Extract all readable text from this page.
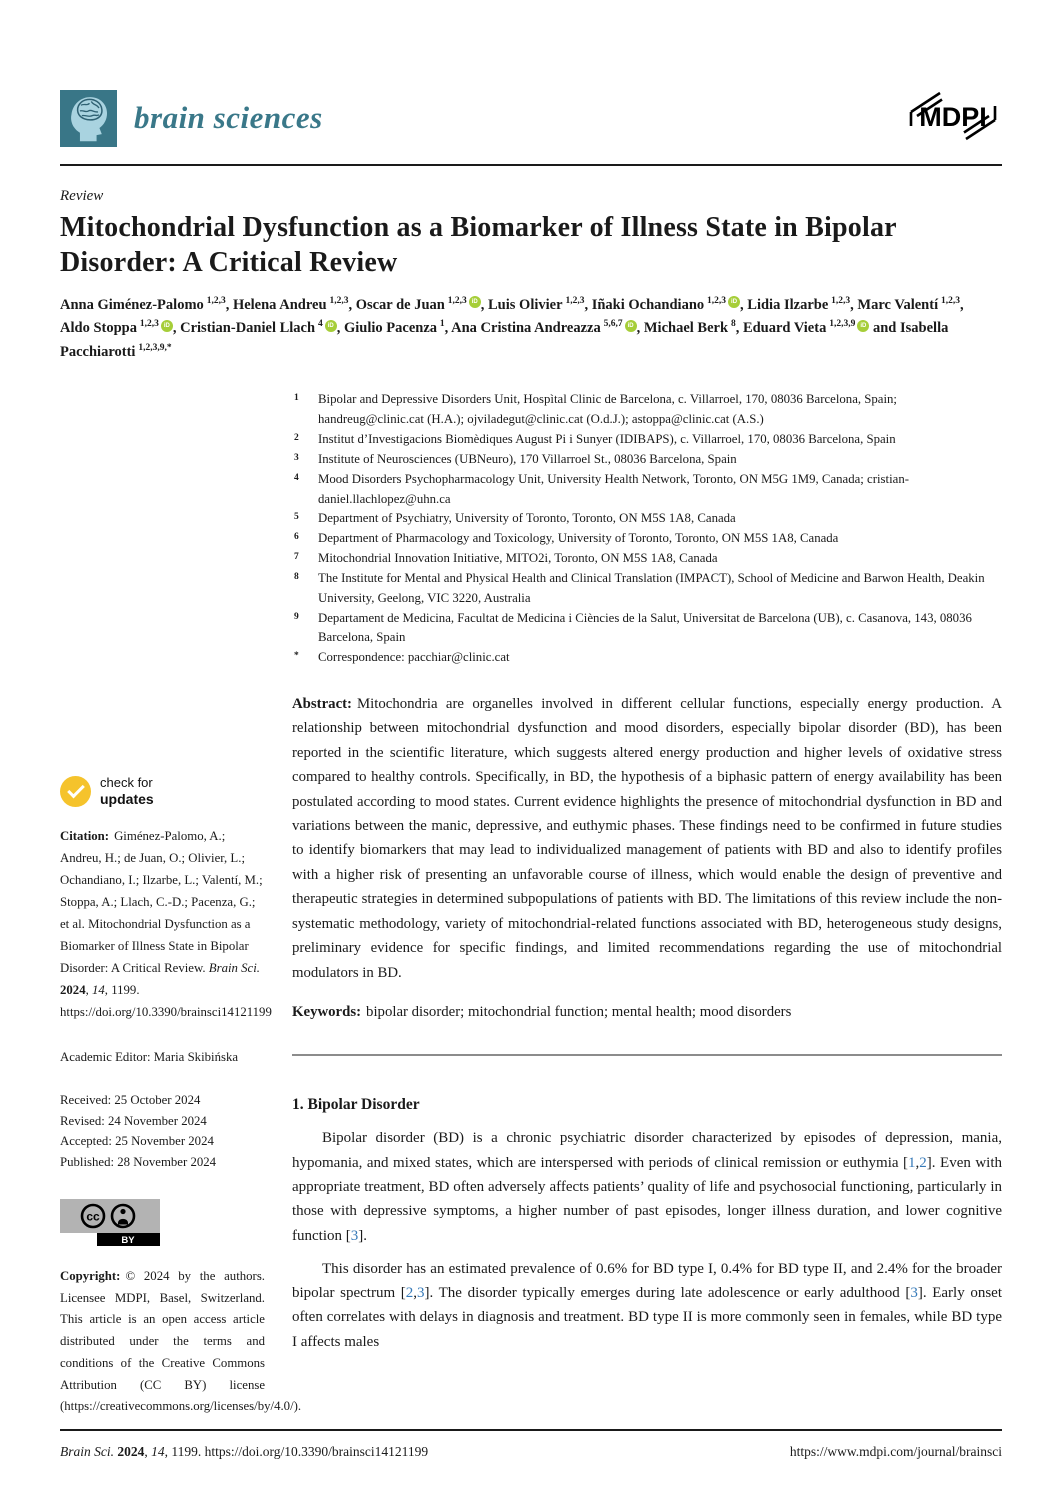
brain sciences	MDPI
Review
Mitochondrial Dysfunction as a Biomarker of Illness State in Bipolar Disorder: A Critical Review
Anna Giménez-Palomo  $^{1,2,3}$, Helena Andreu  $^{1,2,3}$, Oscar de Juan  $^{1,2,3}$ iD , Luis Olivier  $^{1,2,3}$, Iñaki Ochandiano  $^{1,2,3}$ iD , Lidia Ilzarbe  $^{1,2,3}$, Marc Valentí  $^{1,2,3}$, Aldo Stoppa  $^{1,2,3}$ iD , Cristian-Daniel Llach  $^4$ iD , Giulio Pacenza  $^1$, Ana Cristina Andreazza  $^{5,6,7}$ iD , Michael Berk  $^8$, Eduard Vieta  $^{1,2,3,9}$ iD and Isabella Pacchiarotti  $^{1,2,3,9,*}$
check for
updates
Citation: Giménez-Palomo, A.; Andreu, H.; de Juan, O.; Olivier, L.; Ochandiano, I.; Ilzarbe, L.; Valentí, M.; Stoppa, A.; Llach, C.-D.; Pacenza, G.; et al. Mitochondrial Dysfunction as a Biomarker of Illness State in Bipolar Disorder: A Critical Review. Brain Sci. 2024, 14, 1199. https://doi.org/10.3390/brainsci14121199
Academic Editor: Maria Skibińska
Received: 25 October 2024
Revised: 24 November 2024
Accepted: 25 November 2024
Published: 28 November 2024
cc
BY
Copyright: © 2024 by the authors. Licensee MDPI, Basel, Switzerland. This article is an open access article distributed under the terms and conditions of the Creative Commons Attribution (CC BY) license (https://creativecommons.org/licenses/by/4.0/).
1	Bipolar and Depressive Disorders Unit, Hospìtal Clinic de Barcelona, c. Villarroel, 170, 08036 Barcelona, Spain; handreug@clinic.cat (H.A.); ojviladegut@clinic.cat (O.d.J.); astoppa@clinic.cat (A.S.)
2	Institut d’Investigacions Biomèdiques August Pi i Sunyer (IDIBAPS), c. Villarroel, 170, 08036 Barcelona, Spain
3	Institute of Neurosciences (UBNeuro), 170 Villarroel St., 08036 Barcelona, Spain
4	Mood Disorders Psychopharmacology Unit, University Health Network, Toronto, ON M5G 1M9, Canada; cristian-daniel.llachlopez@uhn.ca
5	Department of Psychiatry, University of Toronto, Toronto, ON M5S 1A8, Canada
6	Department of Pharmacology and Toxicology, University of Toronto, Toronto, ON M5S 1A8, Canada
7	Mitochondrial Innovation Initiative, MITO2i, Toronto, ON M5S 1A8, Canada
8	The Institute for Mental and Physical Health and Clinical Translation (IMPACT), School of Medicine and Barwon Health, Deakin University, Geelong, VIC 3220, Australia
9	Departament de Medicina, Facultat de Medicina i Ciències de la Salut, Universitat de Barcelona (UB), c. Casanova, 143, 08036 Barcelona, Spain
*	Correspondence: pacchiar@clinic.cat

Abstract: Mitochondria are organelles involved in different cellular functions, especially energy production. A relationship between mitochondrial dysfunction and mood disorders, especially bipolar disorder (BD), has been reported in the scientific literature, which suggests altered energy production and higher levels of oxidative stress compared to healthy controls. Specifically, in BD, the hypothesis of a biphasic pattern of energy availability has been postulated according to mood states. Current evidence highlights the presence of mitochondrial dysfunction in BD and variations between the manic, depressive, and euthymic phases. These findings need to be confirmed in future studies to identify biomarkers that may lead to individualized management of patients with BD and also to identify profiles with a higher risk of presenting an unfavorable course of illness, which would enable the design of preventive and therapeutic strategies in determined subpopulations of patients with BD. The limitations of this review include the non-systematic methodology, variety of mitochondrial-related functions associated with BD, heterogeneous study designs, preliminary evidence for specific findings, and limited recommendations regarding the use of mitochondrial modulators in BD.

Keywords: bipolar disorder; mitochondrial function; mental health; mood disorders

1. Bipolar Disorder

Bipolar disorder (BD) is a chronic psychiatric disorder characterized by episodes of depression, mania, hypomania, and mixed states, which are interspersed with periods of clinical remission or euthymia [1,2]. Even with appropriate treatment, BD often adversely affects patients’ quality of life and psychosocial functioning, particularly in those with depressive symptoms, a higher number of past episodes, longer illness duration, and lower cognitive function [3].

This disorder has an estimated prevalence of 0.6% for BD type I, 0.4% for BD type II, and 2.4% for the broader bipolar spectrum [2,3]. The disorder typically emerges during late adolescence or early adulthood [3]. Early onset often correlates with delays in diagnosis and treatment. BD type II is more commonly seen in females, while BD type I affects males

Brain Sci. 2024, 14, 1199. https://doi.org/10.3390/brainsci14121199	https://www.mdpi.com/journal/brainsci
